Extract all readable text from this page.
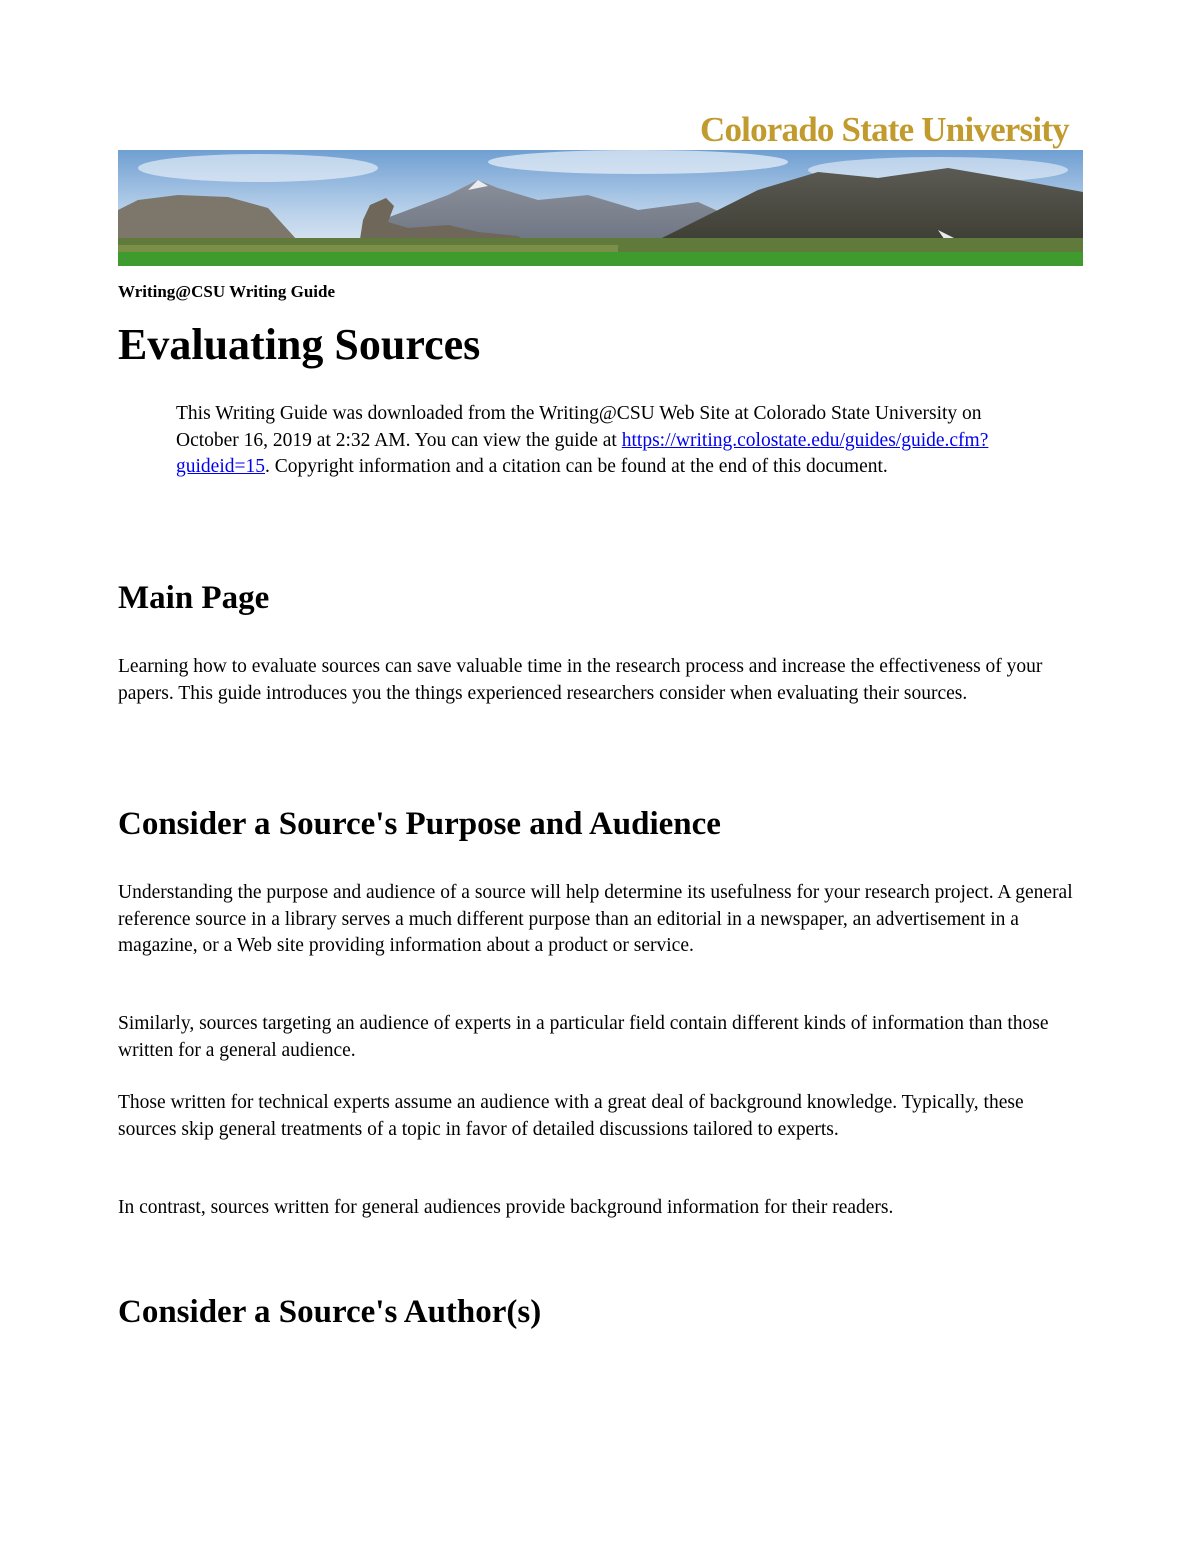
Colorado State University
Writing@CSU Writing Guide
Evaluating Sources

This Writing Guide was downloaded from the Writing@CSU Web Site at Colorado State University on October 16, 2019 at 2:32 AM. You can view the guide at https://writing.colostate.edu/guides/guide.cfm?guideid=15. Copyright information and a citation can be found at the end of this document.

Main Page

Learning how to evaluate sources can save valuable time in the research process and increase the effectiveness of your papers. This guide introduces you the things experienced researchers consider when evaluating their sources.

Consider a Source's Purpose and Audience

Understanding the purpose and audience of a source will help determine its usefulness for your research project. A general reference source in a library serves a much different purpose than an editorial in a newspaper, an advertisement in a magazine, or a Web site providing information about a product or service.

Similarly, sources targeting an audience of experts in a particular field contain different kinds of information than those written for a general audience.

Those written for technical experts assume an audience with a great deal of background knowledge. Typically, these sources skip general treatments of a topic in favor of detailed discussions tailored to experts.

In contrast, sources written for general audiences provide background information for their readers.

Consider a Source's Author(s)
